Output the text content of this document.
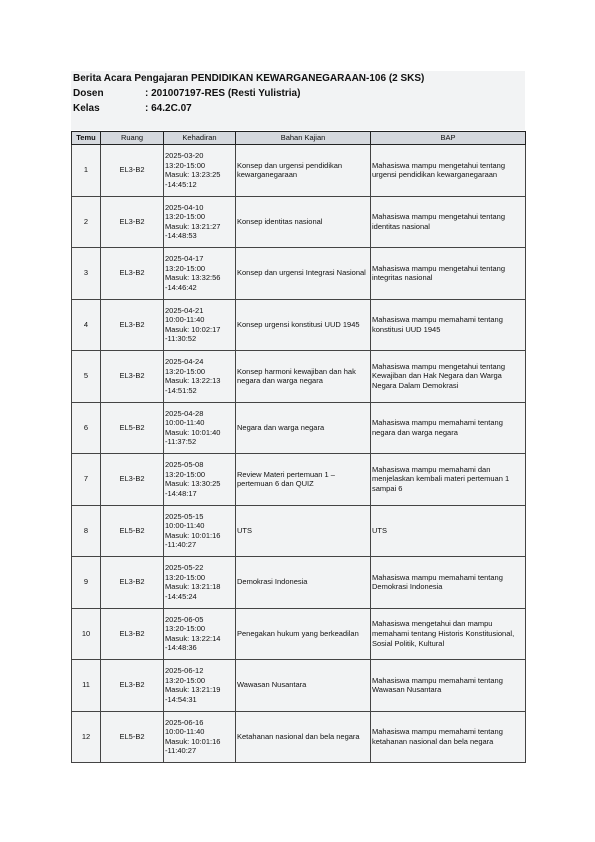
Berita Acara Pengajaran PENDIDIKAN KEWARGANEGARAAN-106 (2 SKS)
Dosen	: 201007197-RES (Resti Yulistria)
Kelas	: 64.2C.07
Temu	Ruang	Kehadiran	Bahan Kajian	BAP
1	EL3-B2	2025-03-20
13:20-15:00
Masuk: 13:23:25
-14:45:12	Konsep dan urgensi pendidikan kewarganegaraan	Mahasiswa mampu mengetahui tentang urgensi pendidikan kewarganegaraan
2	EL3-B2	2025-04-10
13:20-15:00
Masuk: 13:21:27
-14:48:53	Konsep identitas nasional	Mahasiswa mampu mengetahui tentang identitas nasional
3	EL3-B2	2025-04-17
13:20-15:00
Masuk: 13:32:56
-14:46:42	Konsep dan urgensi Integrasi Nasional	Mahasiswa mampu mengetahui tentang integritas nasional
4	EL3-B2	2025-04-21
10:00-11:40
Masuk: 10:02:17
-11:30:52	Konsep urgensi konstitusi UUD 1945	Mahasiswa mampu memahami tentang konstitusi UUD 1945
5	EL3-B2	2025-04-24
13:20-15:00
Masuk: 13:22:13
-14:51:52	Konsep harmoni kewajiban dan hak negara dan warga negara	Mahasiswa mampu mengetahui tentang Kewajiban dan Hak Negara dan Warga Negara Dalam Demokrasi
6	EL5-B2	2025-04-28
10:00-11:40
Masuk: 10:01:40
-11:37:52	Negara dan warga negara	Mahasiswa mampu memahami tentang negara dan warga negara
7	EL3-B2	2025-05-08
13:20-15:00
Masuk: 13:30:25
-14:48:17	Review Materi pertemuan 1 – pertemuan 6 dan QUIZ	Mahasiswa mampu memahami dan menjelaskan kembali materi pertemuan 1 sampai 6
8	EL5-B2	2025-05-15
10:00-11:40
Masuk: 10:01:16
-11:40:27	UTS	UTS
9	EL3-B2	2025-05-22
13:20-15:00
Masuk: 13:21:18
-14:45:24	Demokrasi Indonesia	Mahasiswa mampu memahami tentang Demokrasi Indonesia
10	EL3-B2	2025-06-05
13:20-15:00
Masuk: 13:22:14
-14:48:36	Penegakan hukum yang berkeadilan	Mahasiswa mengetahui dan mampu memahami tentang Historis Konstitusional, Sosial Politik, Kultural
11	EL3-B2	2025-06-12
13:20-15:00
Masuk: 13:21:19
-14:54:31	Wawasan Nusantara	Mahasiswa mampu memahami tentang Wawasan Nusantara
12	EL5-B2	2025-06-16
10:00-11:40
Masuk: 10:01:16
-11:40:27	Ketahanan nasional dan bela negara	Mahasiswa mampu memahami tentang ketahanan nasional dan bela negara
